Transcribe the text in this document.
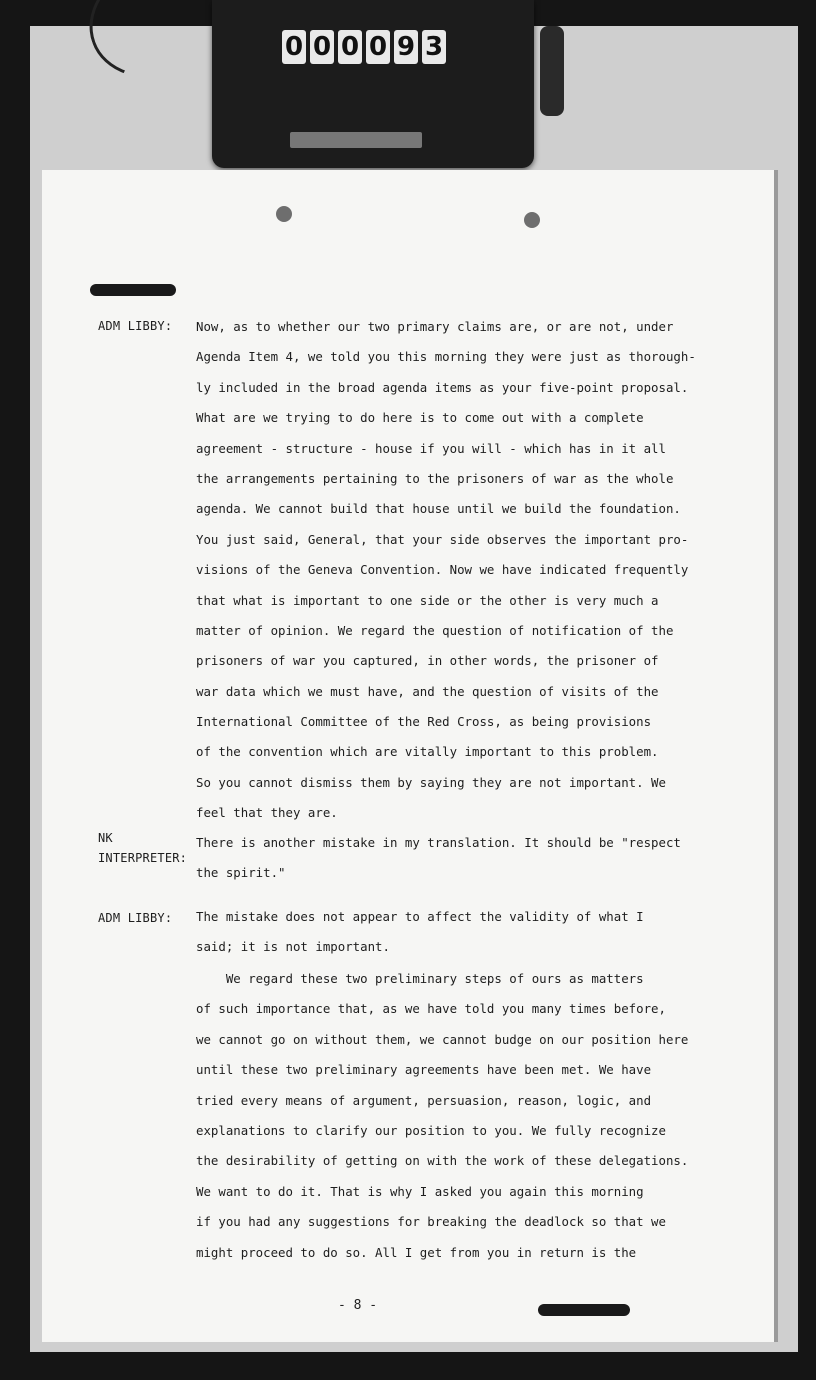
0 0 0 0 9 3
ADM LIBBY:	Now, as to whether our two primary claims are, or are not, under
Agenda Item 4, we told you this morning they were just as thorough-
ly included in the broad agenda items as your five-point proposal.
What are we trying to do here is to come out with a complete
agreement - structure - house if you will - which has in it all
the arrangements pertaining to the prisoners of war as the whole
agenda. We cannot build that house until we build the foundation.
You just said, General, that your side observes the important pro-
visions of the Geneva Convention. Now we have indicated frequently
that what is important to one side or the other is very much a
matter of opinion. We regard the question of notification of the
prisoners of war you captured, in other words, the prisoner of
war data which we must have, and the question of visits of the
International Committee of the Red Cross, as being provisions
of the convention which are vitally important to this problem.
So you cannot dismiss them by saying they are not important. We
feel that they are.
NK
INTERPRETER:
There is another mistake in my translation. It should be "respect
the spirit."
ADM LIBBY:	The mistake does not appear to affect the validity of what I
said; it is not important.
We regard these two preliminary steps of ours as matters
of such importance that, as we have told you many times before,
we cannot go on without them, we cannot budge on our position here
until these two preliminary agreements have been met. We have
tried every means of argument, persuasion, reason, logic, and
explanations to clarify our position to you. We fully recognize
the desirability of getting on with the work of these delegations.
We want to do it. That is why I asked you again this morning
if you had any suggestions for breaking the deadlock so that we
might proceed to do so. All I get from you in return is the
- 8 -
